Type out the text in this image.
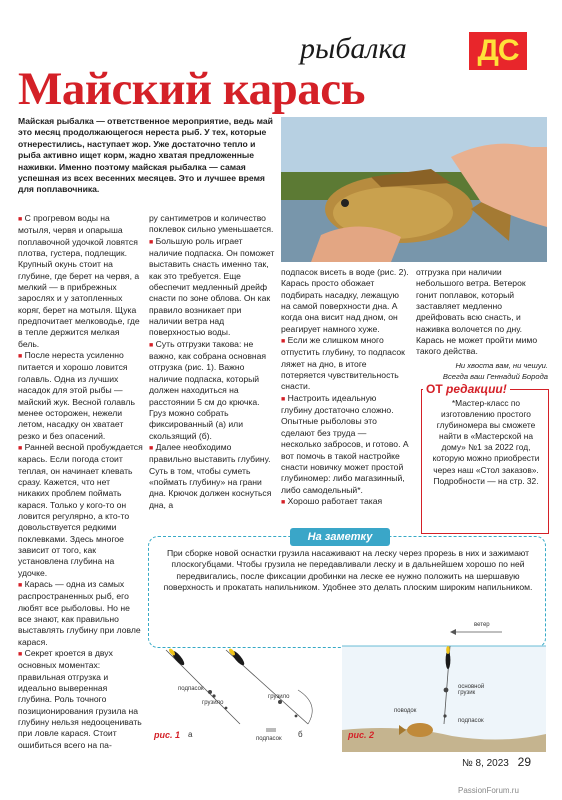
рыбалка ДС
Майский карась
Майская рыбалка — ответственное мероприятие, ведь май это месяц продолжающегося нереста рыб. У тех, которые отнерестились, наступает жор. Уже достаточно тепло и рыба активно ищет корм, жадно хватая предложенные наживки. Именно поэтому майская рыбалка — самая успешная из всех весенних месяцев. Это и лучшее время для поплавочника.

■ С прогревом воды на мотыля, червя и опарыша поплавочной удочкой ловятся плотва, густера, подлещик. Крупный окунь стоит на глубине, где берет на червя, а мелкий — в прибрежных зарослях и у затопленных коряг, берет на мотыля. Щука предпочитает мелководье, где в тепле держится мелкая бель.

■ После нереста усиленно питается и хорошо ловится голавль. Одна из лучших насадок для этой рыбы — майский жук. Весной голавль менее осторожен, нежели летом, насадку он хватает резко и без опасений.

■ Ранней весной пробуждается карась. Если погода стоит теплая, он начинает клевать сразу. Кажется, что нет никаких проблем поймать карася. Только у кого-то он ловится регулярно, а кто-то довольствуется редкими поклевками. Здесь многое зависит от того, как установлена глубина на удочке.

■ Карась — одна из самых распространенных рыб, его любят все рыболовы. Но не все знают, как правильно выставлять глубину при ловле карася.

■ Секрет кроется в двух основных моментах: правильная отгрузка и идеально выверенная глубина. Роль точного позиционирования грузила на глубину нельзя недооценивать при ловле карася. Стоит ошибиться всего на па-

ру сантиметров и количество поклевок сильно уменьшается.

■ Большую роль играет наличие подпаска. Он поможет выставить снасть именно так, как это требуется. Еще обеспечит медленный дрейф снасти по зоне облова. Он как правило возникает при наличии ветра над поверхностью воды.

■ Суть отгрузки такова: не важно, как собрана основная отгрузка (рис. 1). Важно наличие подпаска, который должен находиться на расстоянии 5 см до крючка. Груз можно собрать фиксированный (а) или скользящий (б).

■ Далее необходимо правильно выставить глубину. Суть в том, чтобы суметь «поймать глубину» на грани дна. Крючок должен коснуться дна, а

подпасок висеть в воде (рис. 2). Карась просто обожает подбирать насадку, лежащую на самой поверхности дна. А когда она висит над дном, он реагирует намного хуже.

■ Если же слишком много отпустить глубину, то подпасок ляжет на дно, в итоге потеряется чувствительность снасти.

■ Настроить идеальную глубину достаточно сложно. Опытные рыболовы это сделают без труда — несколько забросов, и готово. А вот помочь в такой настройке снасти новичку может простой глубиномер: либо магазинный, либо самодельный*.

■ Хорошо работает такая

отгрузка при наличии небольшого ветра. Ветерок гонит поплавок, который заставляет медленно дрейфовать всю снасть, и наживка волочется по дну. Карась не может пройти мимо такого действа.

Ни хвоста вам, ни чешуи.

Всегда ваш Геннадий Борода

*Мастер-класс по изготовлению простого глубиномера вы сможете найти в «Мастерской на дому» №1 за 2022 год, которую можно приобрести через наш «Стол заказов». Подробности — на стр. 32.
ОТ редакции!
На заметку
При сборке новой оснастки грузила насаживают на леску через прорезь в них и зажимают плоскогубцами. Чтобы грузила не передавливали леску и в дальнейшем хорошо по ней передвигались, после фиксации дробинки на леске ее нужно положить на шершавую поверхность и прокатать напильником. Удобнее это делать плоским широким напильником.
грузило
подпасок
грузило
подпасок
а	б
рис. 1
ветер
поводок
основной грузик
подпасок
рис. 2
№ 8, 2023 29
PassionForum.ru
